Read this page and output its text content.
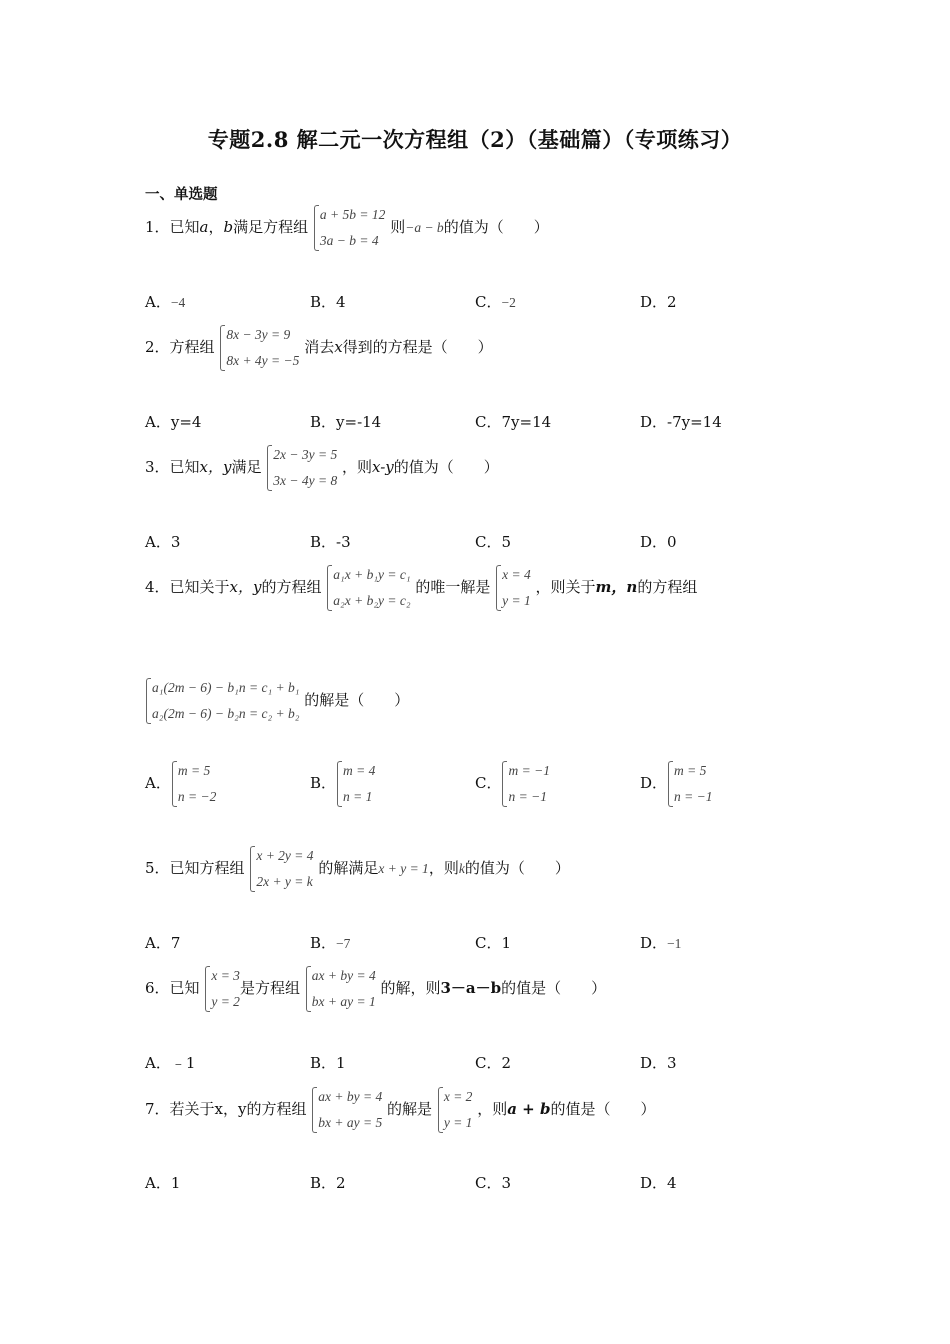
专题2.8 解二元一次方程组（2）（基础篇）（专项练习）
一、单选题
1．已知a，b满足方程组
a + 5b = 12
3a − b = 4
则−a − b的值为（　　）
A．−4	B．4	C．−2	D．2
2．方程组
8x − 3y = 9
8x + 4y = −5
消去x得到的方程是（　　）
A．y=4	B．y=-14	C．7y=14	D．-7y=14
3．已知x，y满足
2x − 3y = 5
3x − 4y = 8
，则x-y的值为（　　）
A．3	B．-3	C．5	D．0
4．已知关于x，y的方程组
a₁x + b₁y = c₁
a₂x + b₂y = c₂
的唯一解是
x = 4
y = 1
，则关于m，n的方程组
a₁(2m − 6) − b₁n = c₁ + b₁
a₂(2m − 6) − b₂n = c₂ + b₂
的解是（　　）
A．
m = 5
n = −2
B．
m = 4
n = 1
C．
m = −1
n = −1
D．
m = 5
n = −1
5．已知方程组
x + 2y = 4
2x + y = k
的解满足x + y = 1，则k的值为（　　）
A．7	B．−7	C．1	D．−1
6．已知
x = 3
y = 2
是方程组
ax + by = 4
bx + ay = 1
的解，则3－a－b的值是（　　）
A．﹣1	B．1	C．2	D．3
7．若关于x，y的方程组
ax + by = 4
bx + ay = 5
的解是
x = 2
y = 1
，则a + b的值是（　　）
A．1	B．2	C．3	D．4
